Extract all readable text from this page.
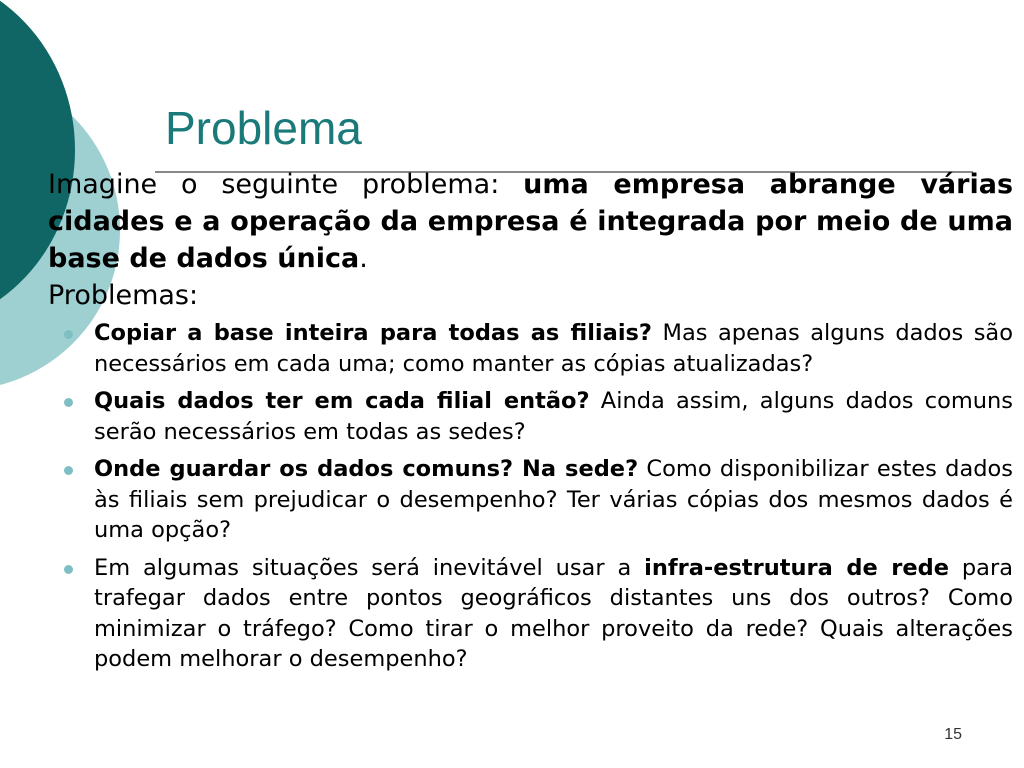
Problema

Imagine o seguinte problema: uma empresa abrange várias cidades e a operação da empresa é integrada por meio de uma base de dados única.
Problemas:

Copiar a base inteira para todas as filiais? Mas apenas alguns dados são necessários em cada uma; como manter as cópias atualizadas?
Quais dados ter em cada filial então? Ainda assim, alguns dados comuns serão necessários em todas as sedes?
Onde guardar os dados comuns? Na sede? Como disponibilizar estes dados às filiais sem prejudicar o desempenho? Ter várias cópias dos mesmos dados é uma opção?
Em algumas situações será inevitável usar a infra-estrutura de rede para trafegar dados entre pontos geográficos distantes uns dos outros? Como minimizar o tráfego? Como tirar o melhor proveito da rede? Quais alterações podem melhorar o desempenho?
15
